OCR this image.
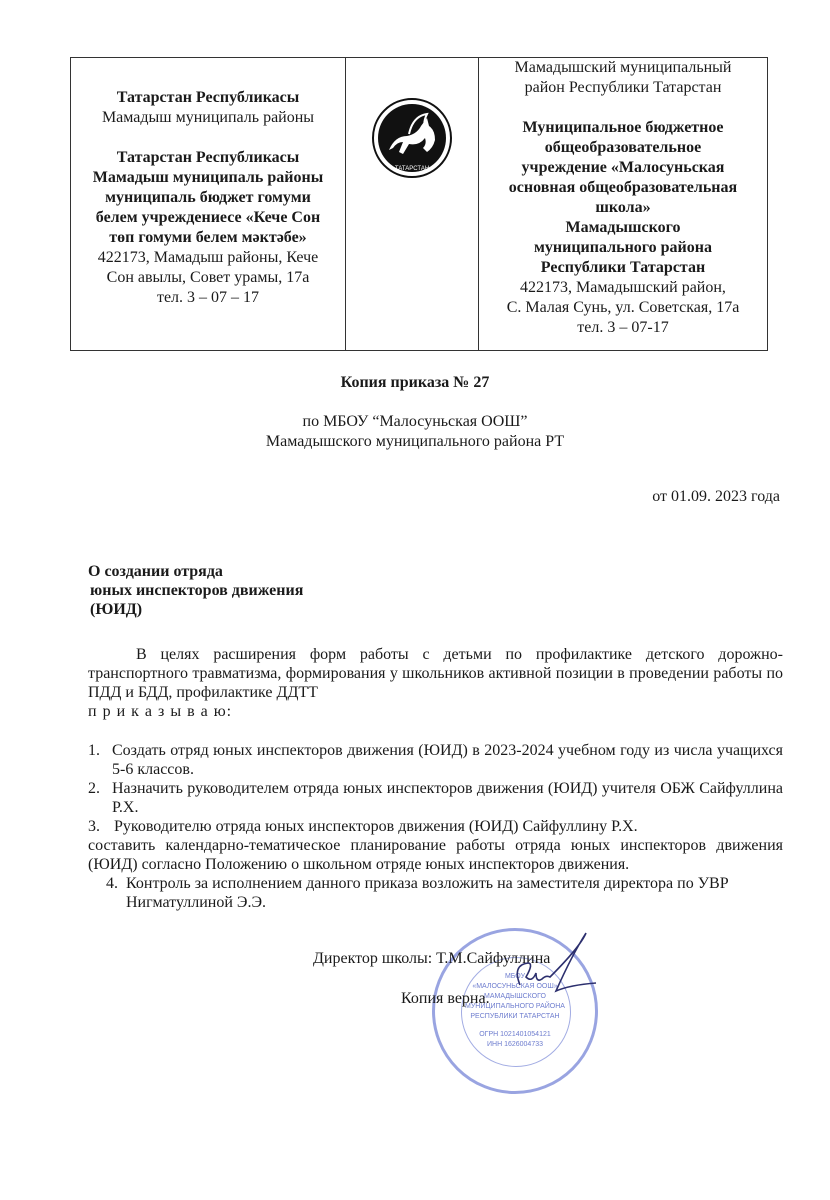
Татарстан Республикасы

Мамадыш муниципаль районы

Татарстан Республикасы

Мамадыш муниципаль районы

муниципаль бюджет гомуми

белем учреждениесе «Кече Сон

төп гомуми белем мәктәбе»

422173, Мамадыш районы, Кече

Сон авылы, Совет урамы, 17а

тел. 3 – 07 – 17

ТАТАРСТАН

Мамадышский муниципальный

район Республики Татарстан

Муниципальное бюджетное

общеобразовательное

учреждение «Малосуньская

основная общеобразовательная

школа»

Мамадышского

муниципального района

Республики Татарстан

422173, Мамадышский район,

С. Малая Сунь, ул. Советская, 17а

тел. 3 – 07-17

Копия приказа № 27

по МБОУ “Малосуньская ООШ”

Мамадышского муниципального района РТ

от 01.09. 2023 года

О создании отряда

юных инспекторов движения

(ЮИД)

В целях расширения форм работы с детьми по профилактике детского дорожно-транспортного травматизма, формирования у школьников активной позиции в проведении работы по ПДД и БДД, профилактике ДДТТ

п р и к а з ы в а ю:

1. Создать отряд юных инспекторов движения (ЮИД) в 2023-2024 учебном году из числа учащихся 5-6 классов.
2. Назначить руководителем отряда юных инспекторов движения (ЮИД) учителя ОБЖ Сайфуллина Р.Х.
3. Руководителю отряда юных инспекторов движения (ЮИД) Сайфуллину Р.Х.
составить календарно-тематическое планирование работы отряда юных инспекторов движения (ЮИД) согласно Положению о школьном отряде юных инспекторов движения.
4. Контроль за исполнением данного приказа возложить на заместителя директора по УВР Нигматуллиной Э.Э.
МБОУ
«МАЛОСУНЬСКАЯ ООШ»
МАМАДЫШСКОГО
МУНИЦИПАЛЬНОГО РАЙОНА
РЕСПУБЛИКИ ТАТАРСТАН
ОГРН 1021401054121
ИНН 1626004733

Директор школы: Т.М.Сайфуллина

Копия верна.
